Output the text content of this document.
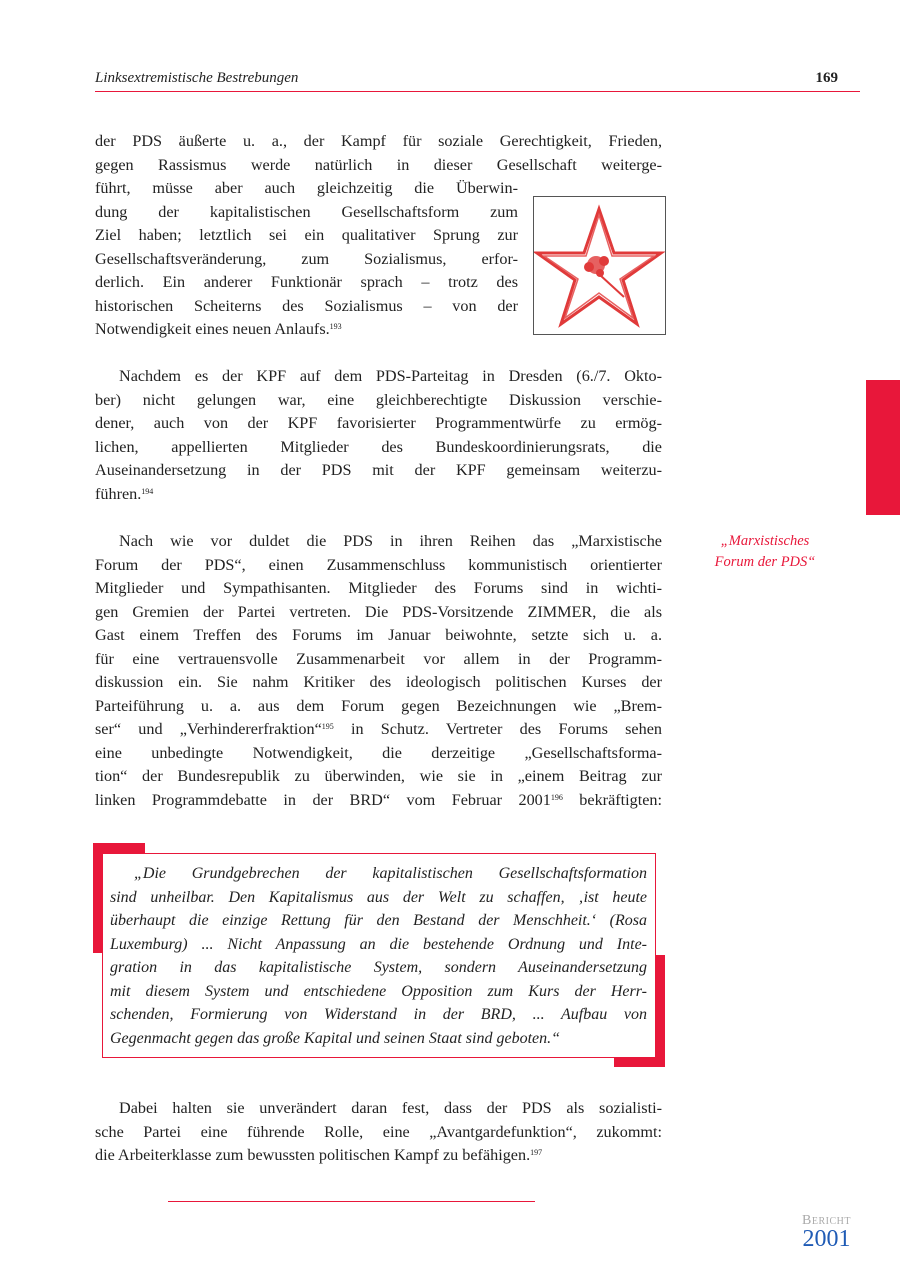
Linksextremistische Bestrebungen	169
„Marxistisches
Forum der PDS“
der PDS äußerte u. a., der Kampf für soziale Gerechtigkeit, Frieden,
gegen Rassismus werde natürlich in dieser Gesellschaft weiterge-
führt, müsse aber auch gleichzeitig die Überwin-
dung der kapitalistischen Gesellschaftsform zum
Ziel haben; letztlich sei ein qualitativer Sprung zur
Gesellschaftsveränderung, zum Sozialismus, erfor-
derlich. Ein anderer Funktionär sprach – trotz des
historischen Scheiterns des Sozialismus – von der
Notwendigkeit eines neuen Anlaufs.$^{193}$
Nachdem es der KPF auf dem PDS-Parteitag in Dresden (6./7. Okto-
ber) nicht gelungen war, eine gleichberechtigte Diskussion verschie-
dener, auch von der KPF favorisierter Programmentwürfe zu ermög-
lichen, appellierten Mitglieder des Bundeskoordinierungsrats, die
Auseinandersetzung in der PDS mit der KPF gemeinsam weiterzu-
führen.$^{194}$
Nach wie vor duldet die PDS in ihren Reihen das „Marxistische
Forum der PDS“, einen Zusammenschluss kommunistisch orientierter
Mitglieder und Sympathisanten. Mitglieder des Forums sind in wichti-
gen Gremien der Partei vertreten. Die PDS-Vorsitzende ZIMMER, die als
Gast einem Treffen des Forums im Januar beiwohnte, setzte sich u. a.
für eine vertrauensvolle Zusammenarbeit vor allem in der Programm-
diskussion ein. Sie nahm Kritiker des ideologisch politischen Kurses der
Parteiführung u. a. aus dem Forum gegen Bezeichnungen wie „Brem-
ser“ und „Verhindererfraktion“$^{195}$ in Schutz. Vertreter des Forums sehen
eine unbedingte Notwendigkeit, die derzeitige „Gesellschaftsforma-
tion“ der Bundesrepublik zu überwinden, wie sie in „einem Beitrag zur
linken Programmdebatte in der BRD“ vom Februar 2001$^{196}$ bekräftigten:
Dabei halten sie unverändert daran fest, dass der PDS als sozialisti-
sche Partei eine führende Rolle, eine „Avantgardefunktion“, zukommt:
die Arbeiterklasse zum bewussten politischen Kampf zu befähigen.$^{197}$
„Die Grundgebrechen der kapitalistischen Gesellschaftsformation
sind unheilbar. Den Kapitalismus aus der Welt zu schaffen, ‚ist heute
überhaupt die einzige Rettung für den Bestand der Menschheit.‘ (Rosa
Luxemburg) ... Nicht Anpassung an die bestehende Ordnung und Inte-
gration in das kapitalistische System, sondern Auseinandersetzung
mit diesem System und entschiedene Opposition zum Kurs der Herr-
schenden, Formierung von Widerstand in der BRD, ... Aufbau von
Gegenmacht gegen das große Kapital und seinen Staat sind geboten.“
Bericht
2001
